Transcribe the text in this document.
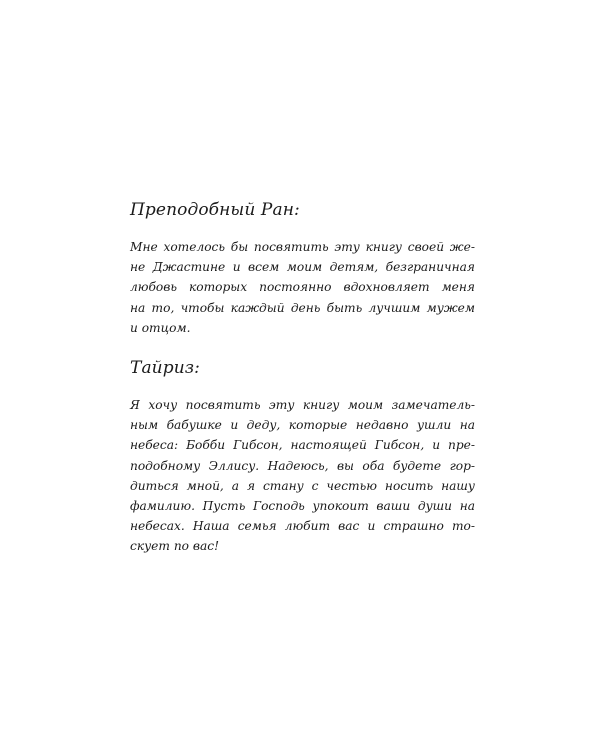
Преподобный Ран:

Мне хотелось бы посвятить эту книгу своей же-
не Джастине и всем моим детям, безграничная
любовь которых постоянно вдохновляет меня
на то, чтобы каждый день быть лучшим мужем
и отцом.

Тайриз:

Я хочу посвятить эту книгу моим замечатель-
ным бабушке и деду, которые недавно ушли на
небеса: Бобби Гибсон, настоящей Гибсон, и пре-
подобному Эллису. Надеюсь, вы оба будете гор-
диться мной, а я стану с честью носить нашу
фамилию. Пусть Господь упокоит ваши души на
небесах. Наша семья любит вас и страшно то-
скует по вас!
